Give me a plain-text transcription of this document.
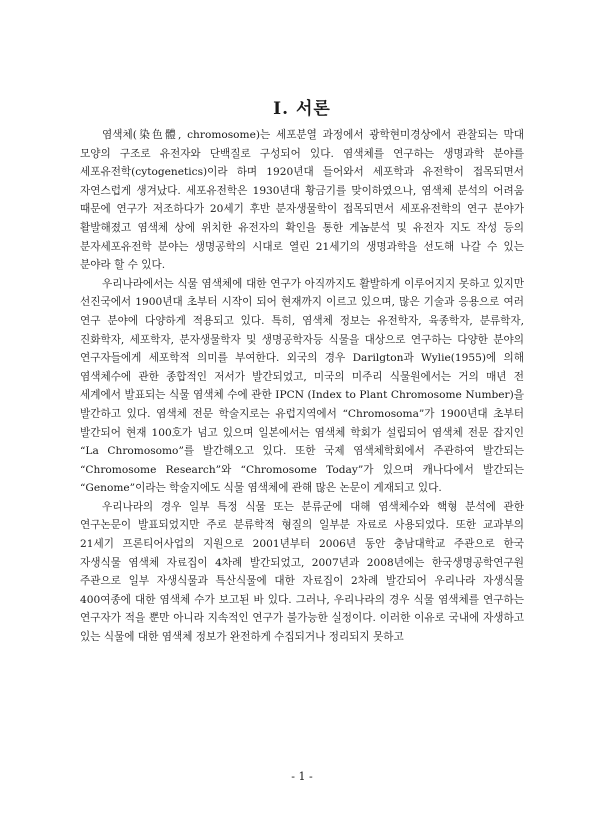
Ⅰ. 서론

염색체(染色體, chromosome)는 세포분열 과정에서 광학현미경상에서 관찰되는 막대 모양의 구조로 유전자와 단백질로 구성되어 있다. 염색체를 연구하는 생명과학 분야를 세포유전학(cytogenetics)이라 하며 1920년대 들어와서 세포학과 유전학이 접목되면서 자연스럽게 생겨났다. 세포유전학은 1930년대 황금기를 맞이하였으나, 염색체 분석의 어려움 때문에 연구가 저조하다가 20세기 후반 분자생물학이 접목되면서 세포유전학의 연구 분야가 활발해졌고 염색체 상에 위치한 유전자의 확인을 통한 게놈분석 및 유전자 지도 작성 등의 분자세포유전학 분야는 생명공학의 시대로 열린 21세기의 생명과학을 선도해 나갈 수 있는 분야라 할 수 있다.

우리나라에서는 식물 염색체에 대한 연구가 아직까지도 활발하게 이루어지지 못하고 있지만 선진국에서 1900년대 초부터 시작이 되어 현재까지 이르고 있으며, 많은 기술과 응용으로 여러 연구 분야에 다양하게 적용되고 있다. 특히, 염색체 정보는 유전학자, 육종학자, 분류학자, 진화학자, 세포학자, 분자생물학자 및 생명공학자등 식물을 대상으로 연구하는 다양한 분야의 연구자들에게 세포학적 의미를 부여한다. 외국의 경우 Darilgton과 Wylie(1955)에 의해 염색체수에 관한 종합적인 저서가 발간되었고, 미국의 미주리 식물원에서는 거의 매년 전 세계에서 발표되는 식물 염색체 수에 관한 IPCN (Index to Plant Chromosome Number)을 발간하고 있다. 염색체 전문 학술지로는 유럽지역에서 “Chromosoma”가 1900년대 초부터 발간되어 현재 100호가 넘고 있으며 일본에서는 염색체 학회가 설립되어 염색체 전문 잡지인 “La Chromosomo”를 발간해오고 있다. 또한 국제 염색체학회에서 주관하여 발간되는 “Chromosome Research”와 “Chromosome Today”가 있으며 캐나다에서 발간되는 “Genome”이라는 학술지에도 식물 염색체에 관해 많은 논문이 게재되고 있다.

우리나라의 경우 일부 특정 식물 또는 분류군에 대해 염색체수와 핵형 분석에 관한 연구논문이 발표되었지만 주로 분류학적 형질의 일부분 자료로 사용되었다. 또한 교과부의 21세기 프론티어사업의 지원으로 2001년부터 2006년 동안 충남대학교 주관으로 한국 자생식물 염색체 자료집이 4차례 발간되었고, 2007년과 2008년에는 한국생명공학연구원 주관으로 일부 자생식물과 특산식물에 대한 자료집이 2차례 발간되어 우리나라 자생식물 400여종에 대한 염색체 수가 보고된 바 있다. 그러나, 우리나라의 경우 식물 염색체를 연구하는 연구자가 적을 뿐만 아니라 지속적인 연구가 불가능한 실정이다. 이러한 이유로 국내에 자생하고 있는 식물에 대한 염색체 정보가 완전하게 수집되거나 정리되지 못하고

- 1 -
